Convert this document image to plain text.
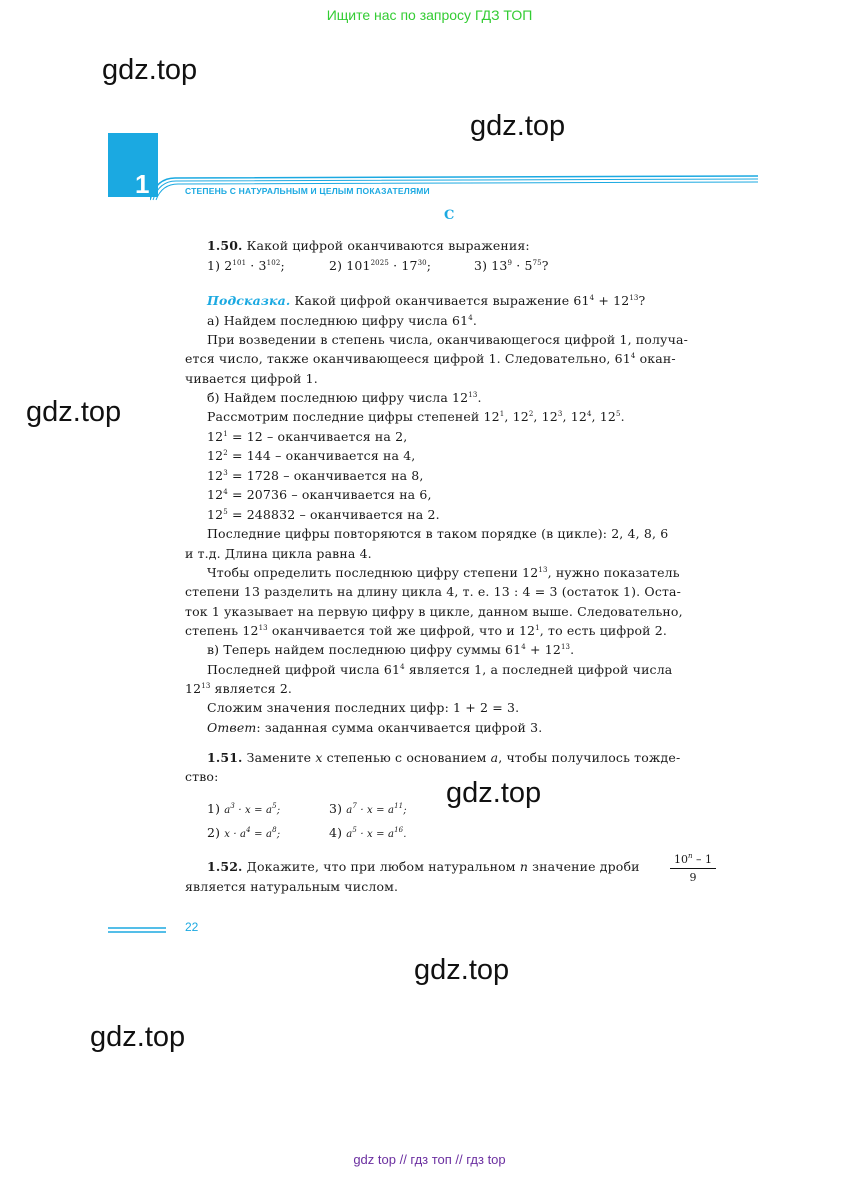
Ищите нас по запросу ГДЗ ТОП
gdz.top
gdz.top
gdz.top
gdz.top
gdz.top
gdz.top
1	СТЕПЕНЬ С НАТУРАЛЬНЫМ И ЦЕЛЫМ ПОКАЗАТЕЛЯМИ
C
1.50. Какой цифрой оканчиваются выражения:
1) $2^{101} \cdot 3^{102}$;	2) $101^{2025} \cdot 17^{30}$;	3) $13^9 \cdot 5^{75}$?
Подсказка. Какой цифрой оканчивается выражение $61^4 + 12^{13}$?
а) Найдем последнюю цифру числа $61^4$.
При возведении в степень числа, оканчивающегося цифрой 1, получа-
ется число, также оканчивающееся цифрой 1. Следовательно, $61^4$ окан-
чивается цифрой 1.
б) Найдем последнюю цифру числа $12^{13}$.
Рассмотрим последние цифры степеней $12^1$, $12^2$, $12^3$, $12^4$, $12^5$.
$12^1 = 12$ – оканчивается на 2,
$12^2 = 144$ – оканчивается на 4,
$12^3 = 1728$ – оканчивается на 8,
$12^4 = 20736$ – оканчивается на 6,
$12^5 = 248832$ – оканчивается на 2.
Последние цифры повторяются в таком порядке (в цикле): 2, 4, 8, 6
и т.д. Длина цикла равна 4.
Чтобы определить последнюю цифру степени $12^{13}$, нужно показатель
степени 13 разделить на длину цикла 4, т. е. 13 : 4 = 3 (остаток 1). Оста-
ток 1 указывает на первую цифру в цикле, данном выше. Следовательно,
степень $12^{13}$ оканчивается той же цифрой, что и $12^1$, то есть цифрой 2.
в) Теперь найдем последнюю цифру суммы $61^4 + 12^{13}$.
Последней цифрой числа $61^4$ является 1, а последней цифрой числа
$12^{13}$ является 2.
Сложим значения последних цифр: 1 + 2 = 3.
Ответ: заданная сумма оканчивается цифрой 3.
1.51. Замените x степенью с основанием a, чтобы получилось тожде-
ство:
1) $a^3 \cdot x = a^5$;	3) $a^7 \cdot x = a^{11}$;
2) $x \cdot a^4 = a^8$;	4) $a^5 \cdot x = a^{16}$.
1.52. Докажите, что при любом натуральном n значение дроби	$\frac{10^n - 1}{9}$
является натуральным числом.
22
gdz top // гдз топ // гдз top
